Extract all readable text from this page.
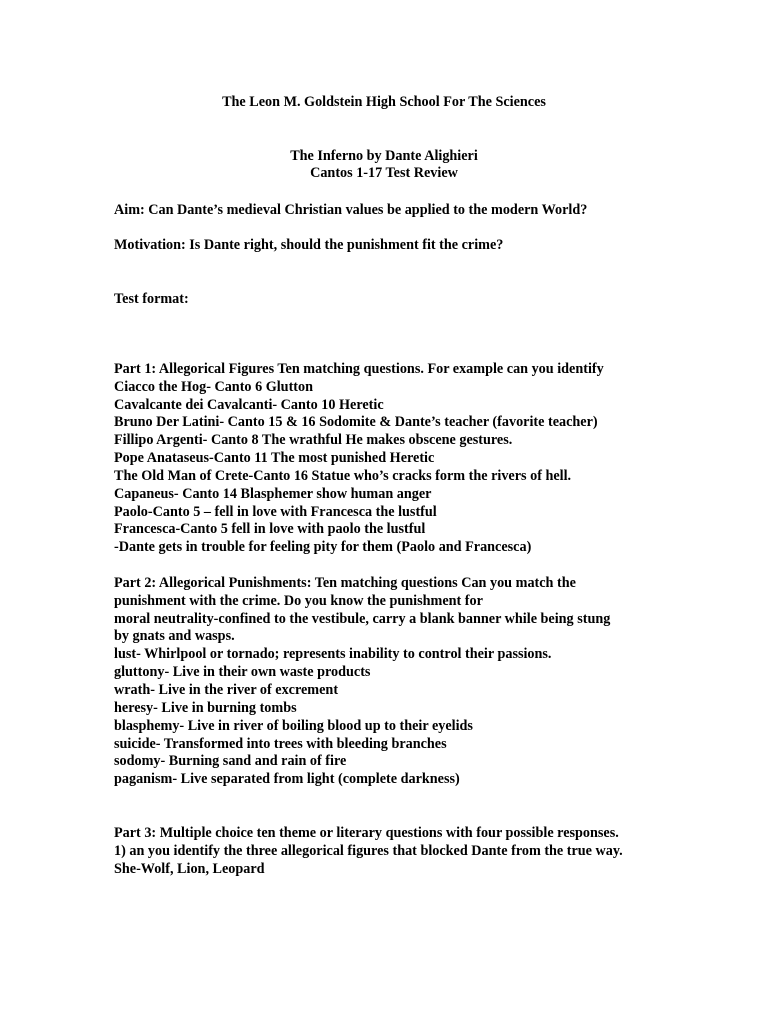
The Leon M. Goldstein High School For The Sciences
The Inferno by Dante Alighieri
Cantos 1-17 Test Review
Aim: Can Dante’s medieval Christian values be applied to the modern World?
Motivation: Is Dante right, should the punishment fit the crime?
Test format:
Part 1: Allegorical Figures Ten matching questions. For example can you identify
Ciacco the Hog- Canto 6 Glutton
Cavalcante dei Cavalcanti- Canto 10 Heretic
Bruno Der Latini- Canto 15 & 16 Sodomite & Dante’s teacher (favorite teacher)
Fillipo Argenti- Canto 8 The wrathful He makes obscene gestures.
Pope Anataseus-Canto 11 The most punished Heretic
The Old Man of Crete-Canto 16 Statue who’s cracks form the rivers of hell.
Capaneus- Canto 14 Blasphemer show human anger
Paolo-Canto 5 – fell in love with Francesca the lustful
Francesca-Canto 5 fell in love with paolo the lustful
-Dante gets in trouble for feeling pity for them (Paolo and Francesca)
Part 2: Allegorical Punishments: Ten matching questions Can you match the
punishment with the crime. Do you know the punishment for
moral neutrality-confined to the vestibule, carry a blank banner while being stung
by gnats and wasps.
lust- Whirlpool or tornado; represents inability to control their passions.
gluttony- Live in their own waste products
wrath- Live in the river of excrement
heresy- Live in burning tombs
blasphemy- Live in river of boiling blood up to their eyelids
suicide- Transformed into trees with bleeding branches
sodomy- Burning sand and rain of fire
paganism- Live separated from light (complete darkness)
Part 3: Multiple choice ten theme or literary questions with four possible responses.
1) an you identify the three allegorical figures that blocked Dante from the true way.
She-Wolf, Lion, Leopard
